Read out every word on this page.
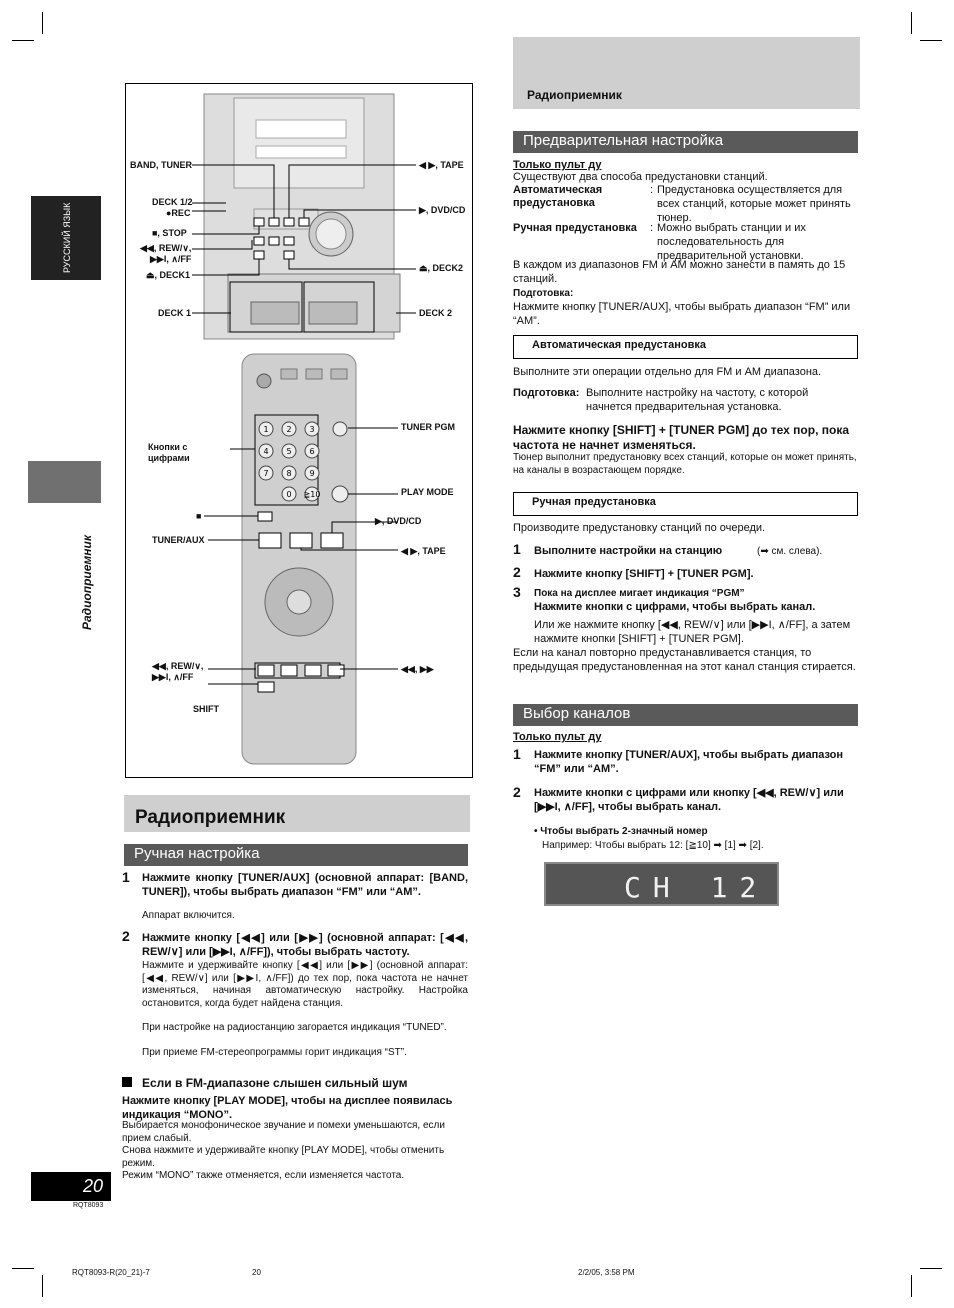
РУССКИЙ ЯЗЫК
Радиоприемник
1 2 3
4 5 6
7 8 9
0 ≧10
BAND, TUNER
DECK 1/2
●REC
■, STOP
◀◀, REW/∨,
▶▶I, ∧/FF
⏏, DECK1
DECK 1
◀ ▶, TAPE
▶, DVD/CD
⏏, DECK2
DECK 2
Кнопки с
цифрами
■
TUNER/AUX
◀◀, REW/∨,
▶▶I, ∧/FF
SHIFT
TUNER PGM
PLAY MODE
▶, DVD/CD
◀ ▶, TAPE
◀◀, ▶▶
Радиоприемник
Ручная настройка
1 Нажмите кнопку [TUNER/AUX] (основной аппарат: [BAND, TUNER]), чтобы выбрать диапазон “FM” или “AM”.
Аппарат включится.
2 Нажмите кнопку [◀◀] или [▶▶] (основной аппарат: [◀◀, REW/∨] или [▶▶I, ∧/FF]), чтобы выбрать частоту.
Нажмите и удерживайте кнопку [◀◀] или [▶▶] (основной аппарат: [◀◀, REW/∨] или [▶▶I, ∧/FF]) до тех пор, пока частота не начнет изменяться, начиная автоматическую настройку. Настройка остановится, когда будет найдена станция.
При настройке на радиостанцию загорается индикация “TUNED”.
При приеме FM-стереопрограммы горит индикация “ST”.
Если в FM-диапазоне слышен сильный шум
Нажмите кнопку [PLAY MODE], чтобы на дисплее появилась индикация “MONO”.
Выбирается монофоническое звучание и помехи уменьшаются, если прием слабый.
Снова нажмите и удерживайте кнопку [PLAY MODE], чтобы отменить режим.
Режим “MONO” также отменяется, если изменяется частота.
Радиоприемник
Предварительная настройка
Только пульт ду
Существуют два способа предустановки станций.
Автоматическая
предустановка
: Предустановка осуществляется для всех станций, которые может принять тюнер.
Ручная предустановка : Можно выбрать станции и их последовательность для предварительной установки.
В каждом из диапазонов FM и AM можно занести в память до 15 станций.
Подготовка:
Нажмите кнопку [TUNER/AUX], чтобы выбрать диапазон “FM” или “AM”.
Автоматическая предустановка
Выполните эти операции отдельно для FM и AM диапазона.
Подготовка: Выполните настройку на частоту, с которой начнется предварительная установка.
Нажмите кнопку [SHIFT] + [TUNER PGM] до тех пор, пока частота не начнет изменяться.
Тюнер выполнит предустановку всех станций, которые он может принять, на каналы в возрастающем порядке.
Ручная предустановка
Производите предустановку станций по очереди.
1 Выполните настройки на станцию	(➡ см. слева).
2 Нажмите кнопку [SHIFT] + [TUNER PGM].
3 Пока на дисплее мигает индикация “PGM”
Нажмите кнопки с цифрами, чтобы выбрать канал.
Или же нажмите кнопку [◀◀, REW/∨] или [▶▶I, ∧/FF], а затем нажмите кнопки [SHIFT] + [TUNER PGM].
Если на канал повторно предустанавливается станция, то предыдущая предустановленная на этот канал станция стирается.
Выбор каналов
Только пульт ду
1 Нажмите кнопку [TUNER/AUX], чтобы выбрать диапазон “FM” или “AM”.
2 Нажмите кнопки с цифрами или кнопку [◀◀, REW/∨] или [▶▶I, ∧/FF], чтобы выбрать канал.
• Чтобы выбрать 2-значный номер
Например: Чтобы выбрать 12: [≧10] ➡ [1] ➡ [2].
CH 12
20
RQT8093
RQT8093-R(20_21)-7	20	2/2/05, 3:58 PM
